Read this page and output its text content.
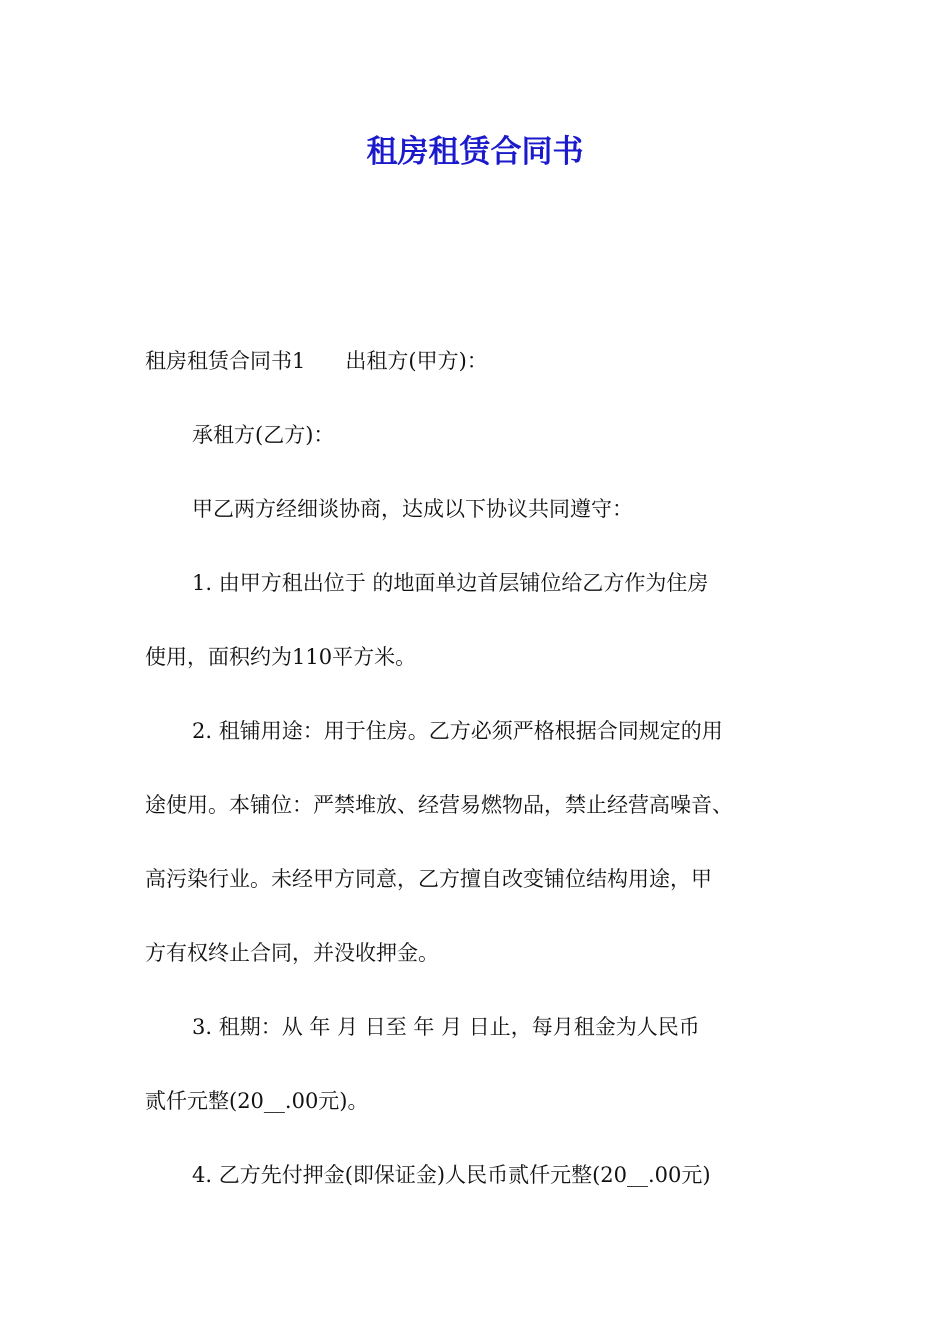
租房租赁合同书
租房租赁合同书1 出租方(甲方)：
承租方(乙方)：
甲乙两方经细谈协商，达成以下协议共同遵守：
1. 由甲方租出位于 的地面单边首层铺位给乙方作为住房
使用，面积约为110平方米。
2. 租铺用途：用于住房。乙方必须严格根据合同规定的用
途使用。本铺位：严禁堆放、经营易燃物品，禁止经营高噪音、
高污染行业。未经甲方同意，乙方擅自改变铺位结构用途，甲
方有权终止合同，并没收押金。
3. 租期：从 年 月 日至 年 月 日止，每月租金为人民币
贰仟元整(20__.00元)。
4. 乙方先付押金(即保证金)人民币贰仟元整(20__.00元)
